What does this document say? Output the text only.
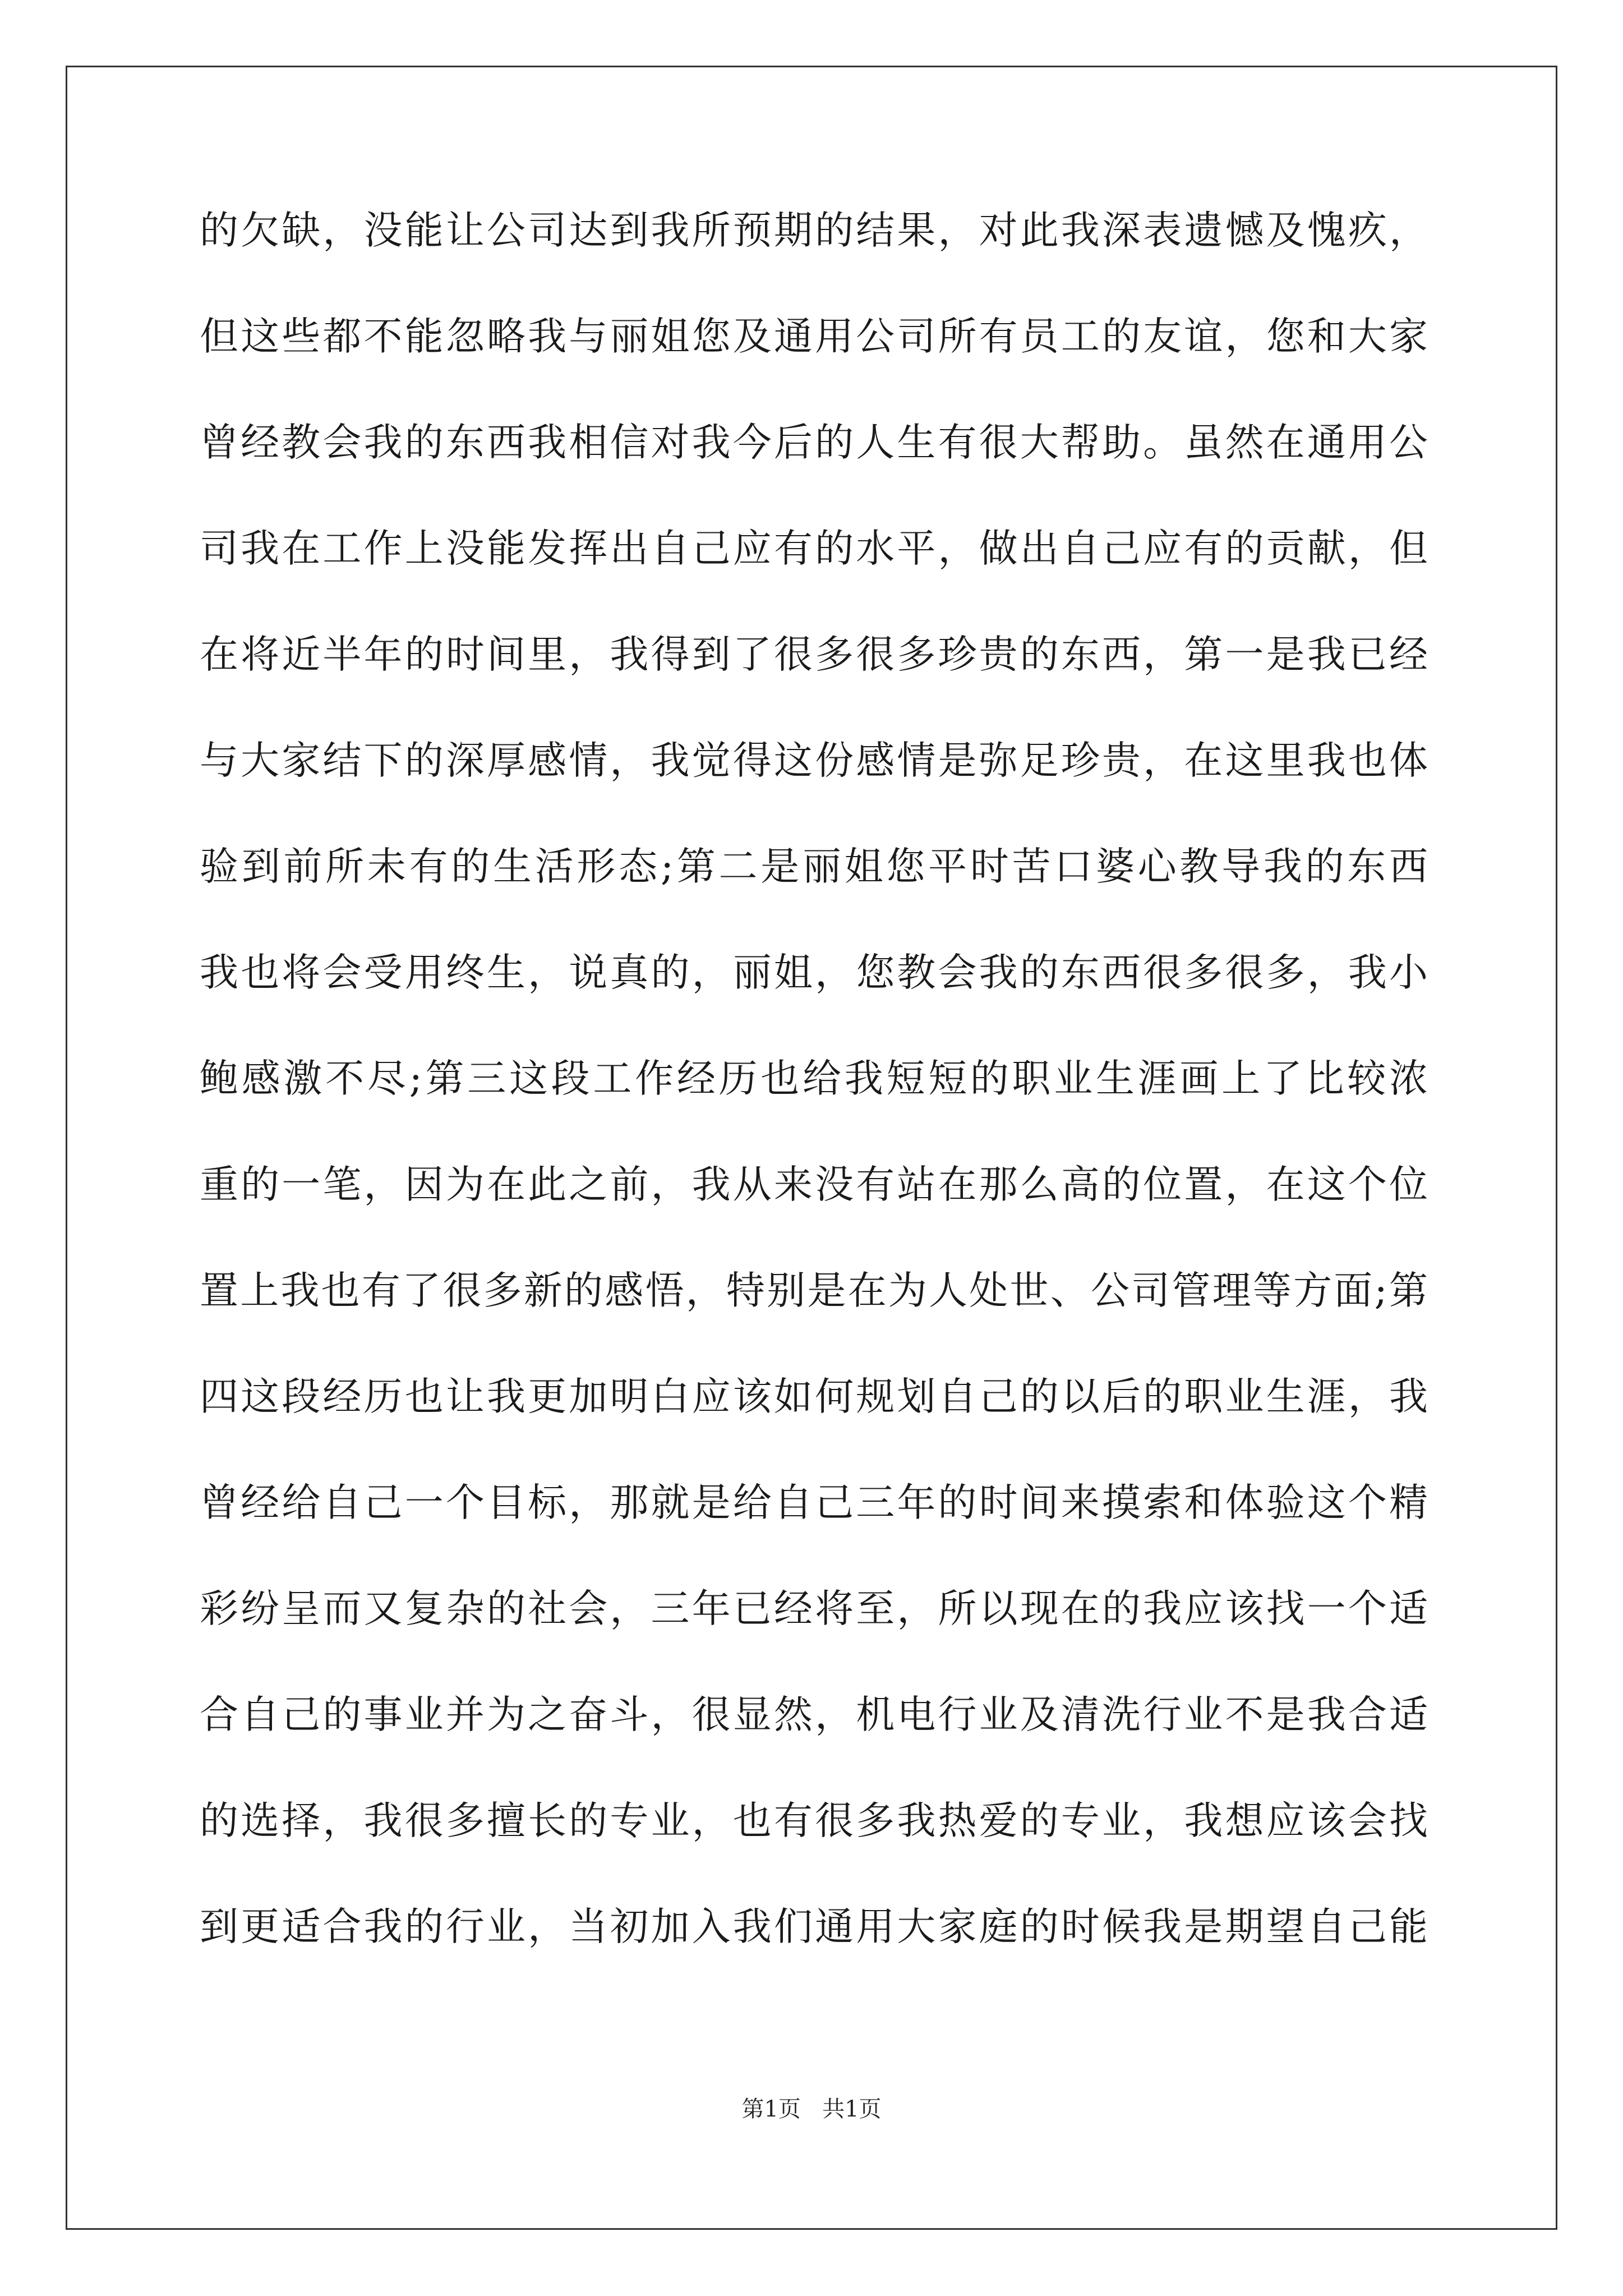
的欠缺，没能让公司达到我所预期的结果，对此我深表遗憾及愧疚，
但这些都不能忽略我与丽姐您及通用公司所有员工的友谊，您和大家
曾经教会我的东西我相信对我今后的人生有很大帮助。虽然在通用公
司我在工作上没能发挥出自己应有的水平，做出自己应有的贡献，但
在将近半年的时间里，我得到了很多很多珍贵的东西，第一是我已经
与大家结下的深厚感情，我觉得这份感情是弥足珍贵，在这里我也体
验到前所未有的生活形态;第二是丽姐您平时苦口婆心教导我的东西
我也将会受用终生，说真的，丽姐，您教会我的东西很多很多，我小
鲍感激不尽;第三这段工作经历也给我短短的职业生涯画上了比较浓
重的一笔，因为在此之前，我从来没有站在那么高的位置，在这个位
置上我也有了很多新的感悟，特别是在为人处世、公司管理等方面;第
四这段经历也让我更加明白应该如何规划自己的以后的职业生涯，我
曾经给自己一个目标，那就是给自己三年的时间来摸索和体验这个精
彩纷呈而又复杂的社会，三年已经将至，所以现在的我应该找一个适
合自己的事业并为之奋斗，很显然，机电行业及清洗行业不是我合适
的选择，我很多擅长的专业，也有很多我热爱的专业，我想应该会找
到更适合我的行业，当初加入我们通用大家庭的时候我是期望自己能
第1页 共1页
